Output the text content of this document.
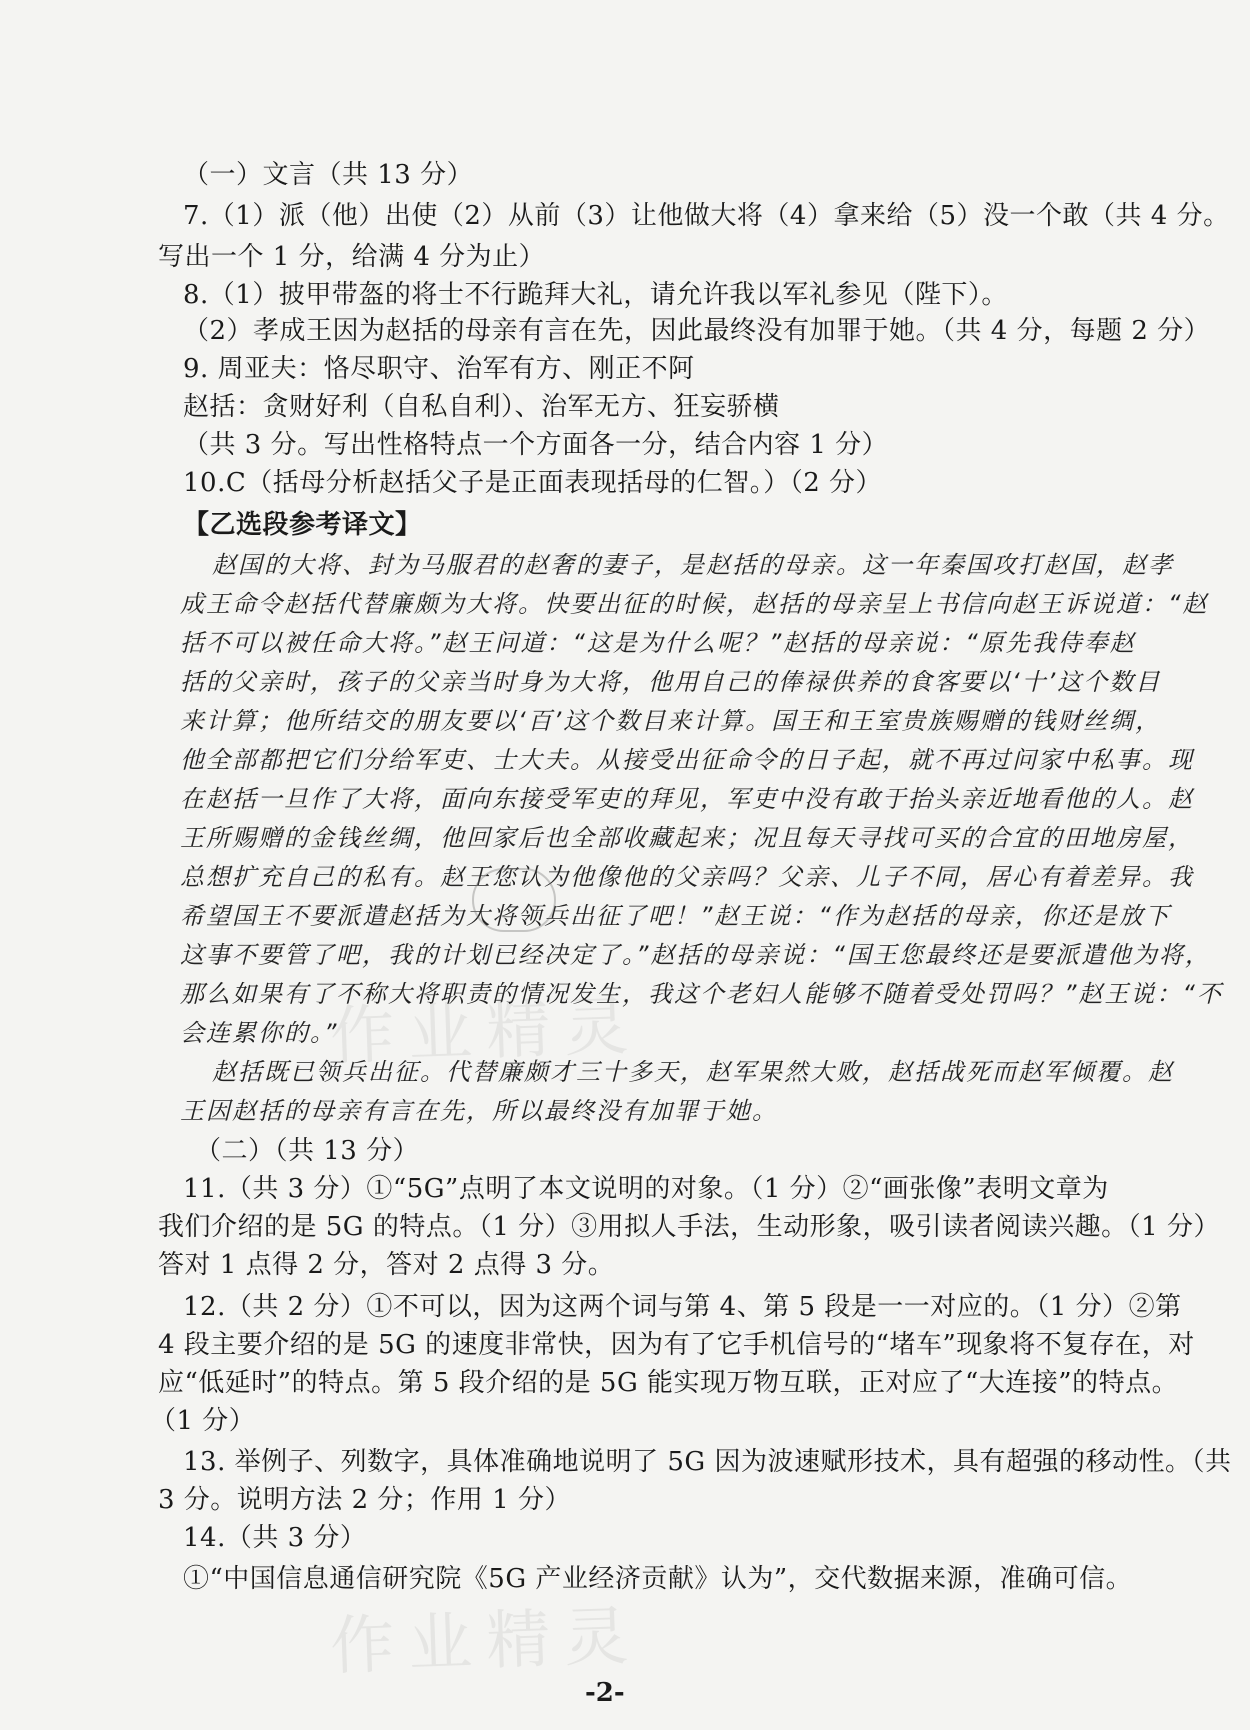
（一）文言（共 13 分）
7.（1）派（他）出使（2）从前（3）让他做大将（4）拿来给（5）没一个敢（共 4 分。
写出一个 1 分，给满 4 分为止）
8.（1）披甲带盔的将士不行跪拜大礼，请允许我以军礼参见（陛下）。
（2）孝成王因为赵括的母亲有言在先，因此最终没有加罪于她。（共 4 分，每题 2 分）
9. 周亚夫：恪尽职守、治军有方、刚正不阿
赵括：贪财好利（自私自利）、治军无方、狂妄骄横
（共 3 分。写出性格特点一个方面各一分，结合内容 1 分）
10.C（括母分析赵括父子是正面表现括母的仁智。）（2 分）
【乙选段参考译文】
赵国的大将、封为马服君的赵奢的妻子，是赵括的母亲。这一年秦国攻打赵国，赵孝
成王命令赵括代替廉颇为大将。快要出征的时候，赵括的母亲呈上书信向赵王诉说道：“赵
括不可以被任命大将。”赵王问道：“这是为什么呢？”赵括的母亲说：“原先我侍奉赵
括的父亲时，孩子的父亲当时身为大将，他用自己的俸禄供养的食客要以‘十’这个数目
来计算；他所结交的朋友要以‘百’这个数目来计算。国王和王室贵族赐赠的钱财丝绸，
他全部都把它们分给军吏、士大夫。从接受出征命令的日子起，就不再过问家中私事。现
在赵括一旦作了大将，面向东接受军吏的拜见，军吏中没有敢于抬头亲近地看他的人。赵
王所赐赠的金钱丝绸，他回家后也全部收藏起来；况且每天寻找可买的合宜的田地房屋，
总想扩充自己的私有。赵王您认为他像他的父亲吗？父亲、儿子不同，居心有着差异。我
希望国王不要派遣赵括为大将领兵出征了吧！”赵王说：“作为赵括的母亲，你还是放下
这事不要管了吧，我的计划已经决定了。”赵括的母亲说：“国王您最终还是要派遣他为将，
那么如果有了不称大将职责的情况发生，我这个老妇人能够不随着受处罚吗？”赵王说：“不
会连累你的。”
赵括既已领兵出征。代替廉颇才三十多天，赵军果然大败，赵括战死而赵军倾覆。赵
王因赵括的母亲有言在先，所以最终没有加罪于她。
（二）（共 13 分）
11.（共 3 分）①“5G”点明了本文说明的对象。（1 分）②“画张像”表明文章为
我们介绍的是 5G 的特点。（1 分）③用拟人手法，生动形象，吸引读者阅读兴趣。（1 分）
答对 1 点得 2 分，答对 2 点得 3 分。
12.（共 2 分）①不可以，因为这两个词与第 4、第 5 段是一一对应的。（1 分）②第
4 段主要介绍的是 5G 的速度非常快，因为有了它手机信号的“堵车”现象将不复存在，对
应“低延时”的特点。第 5 段介绍的是 5G 能实现万物互联，正对应了“大连接”的特点。
（1 分）
13. 举例子、列数字，具体准确地说明了 5G 因为波速赋形技术，具有超强的移动性。（共
3 分。说明方法 2 分；作用 1 分）
14.（共 3 分）
①“中国信息通信研究院《5G 产业经济贡献》认为”，交代数据来源，准确可信。
作业精灵
作业精灵
-2-
